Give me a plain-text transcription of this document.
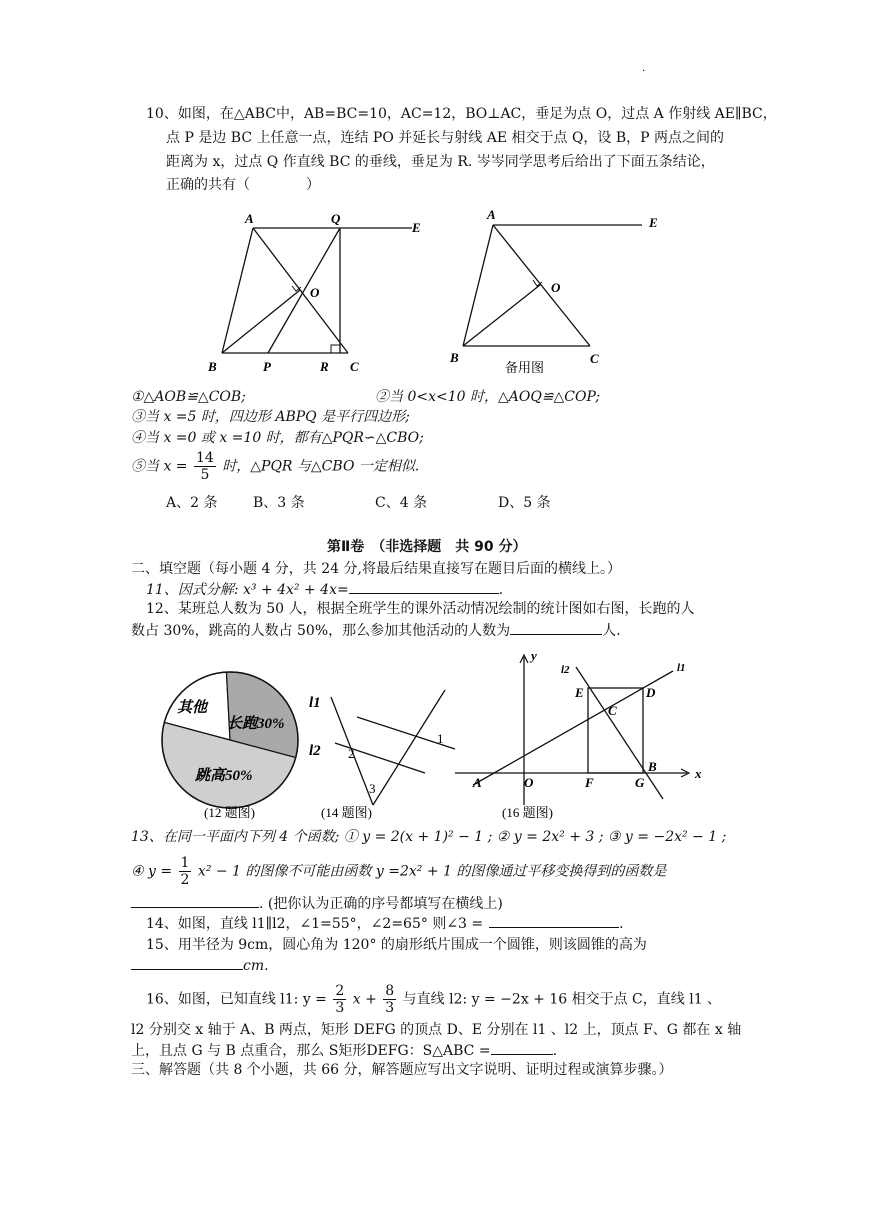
·
10、如图，在△ABC中，AB=BC=10，AC=12，BO⊥AC，垂足为点 O，过点 A 作射线 AE∥BC，
点 P 是边 BC 上任意一点，连结 PO 并延长与射线 AE 相交于点 Q，设 B，P 两点之间的
距离为 x，过点 Q 作直线 BC 的垂线，垂足为 R. 岑岑同学思考后给出了下面五条结论，
正确的共有（　　　　）
A	Q
E
O
B	P	R C
A
E
O
B	C
备用图
①△AOB≌△COB;	②当 0<x<10 时，△AOQ≌△COP;
③当 x =5 时，四边形 ABPQ 是平行四边形;
④当 x =0 或 x =10 时，都有△PQR∽△CBO;
⑤当 $x = \frac{14}{5}$ 时，△PQR 与△CBO 一定相似.
A、2 条	B、3 条	C、4 条	D、5 条
第Ⅱ卷　（非选择题　共 90 分）
二、填空题（每小题 4 分，共 24 分,将最后结果直接写在题目后面的横线上。）
11、因式分解: x³ + 4x² + 4x=	.
12、某班总人数为 50 人，根据全班学生的课外活动情况绘制的统计图如右图，长跑的人
数占 30%，跳高的人数占 50%，那么参加其他活动的人数为	人.
其他
长跑30%
跳高50%
(12 题图)
l1
l2
1
2
3
(14 题图)
y
x
l1
l2
A	O	F	G
B
E	D
C
(16 题图)
13、在同一平面内下列 4 个函数; ① y = 2(x + 1)² − 1 ; ② y = 2x² + 3 ; ③ y = −2x² − 1 ;
④ $y = \frac{1}{2} x^2 - 1$ 的图像不可能由函数 y =2x² + 1 的图像通过平移变换得到的函数是
. (把你认为正确的序号都填写在横线上)
14、如图，直线 l1∥l2，∠1=55°，∠2=65° 则∠3 =	.
15、用半径为 9cm，圆心角为 120° 的扇形纸片围成一个圆锥，则该圆锥的高为
cm.
16、如图，已知直线 l1: $y = \frac{2}{3}$ $x + \frac{8}{3}$ 与直线 l2: y = −2x + 16 相交于点 C，直线 l1 、
l2 分别交 x 轴于 A、B 两点，矩形 DEFG 的顶点 D、E 分别在 l1 、l2 上，顶点 F、G 都在 x 轴
上，且点 G 与 B 点重合，那么 S矩形DEFG：S△ABC =	.
三、解答题（共 8 个小题，共 66 分，解答题应写出文字说明、证明过程或演算步骤。）
